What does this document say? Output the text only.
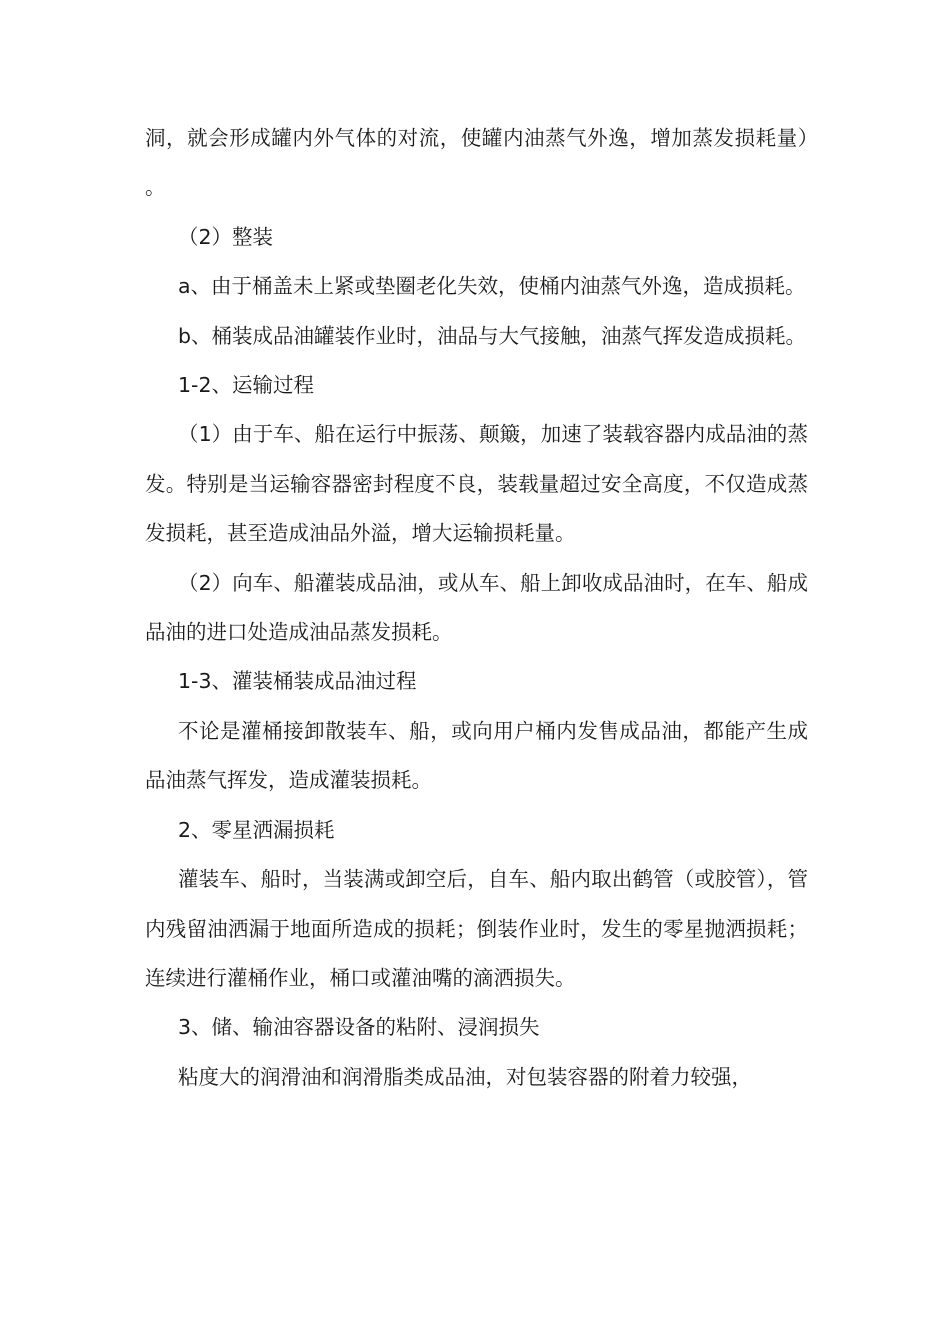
洞，就会形成罐内外气体的对流，使罐内油蒸气外逸，增加蒸发损耗量）。

（2）整装

a、由于桶盖未上紧或垫圈老化失效，使桶内油蒸气外逸，造成损耗。

b、桶装成品油罐装作业时，油品与大气接触，油蒸气挥发造成损耗。

1-2、运输过程

（1）由于车、船在运行中振荡、颠簸，加速了装载容器内成品油的蒸发。特别是当运输容器密封程度不良，装载量超过安全高度，不仅造成蒸发损耗，甚至造成油品外溢，增大运输损耗量。

（2）向车、船灌装成品油，或从车、船上卸收成品油时，在车、船成品油的进口处造成油品蒸发损耗。

1-3、灌装桶装成品油过程

不论是灌桶接卸散装车、船，或向用户桶内发售成品油，都能产生成品油蒸气挥发，造成灌装损耗。

2、零星洒漏损耗

灌装车、船时，当装满或卸空后，自车、船内取出鹤管（或胶管），管内残留油洒漏于地面所造成的损耗；倒装作业时，发生的零星抛洒损耗；连续进行灌桶作业，桶口或灌油嘴的滴洒损失。

3、储、输油容器设备的粘附、浸润损失

粘度大的润滑油和润滑脂类成品油，对包装容器的附着力较强，
